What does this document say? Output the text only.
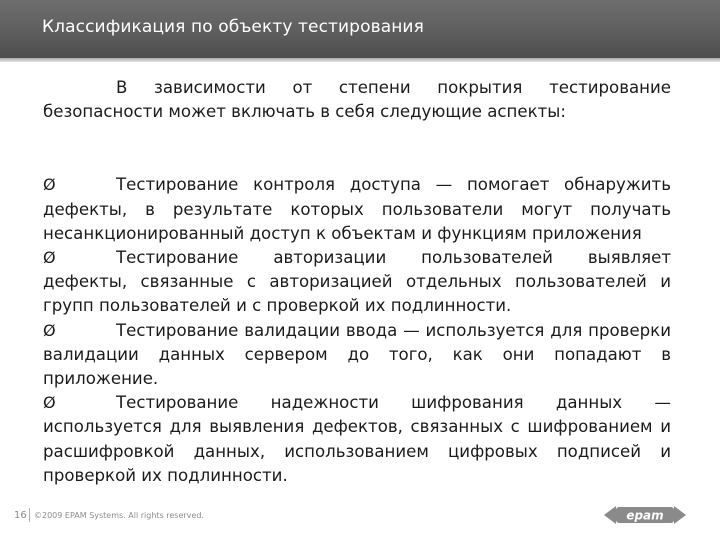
Классификация по объекту тестирования

В зависимости от степени покрытия тестирование безопасности может включать в себя следующие аспекты:

Ø	Тестирование контроля доступа — помогает обнаружить дефекты, в результате которых пользователи могут получать несанкционированный доступ к объектам и функциям приложения

Ø	Тестирование авторизации пользователей выявляет дефекты, связанные с авторизацией отдельных пользователей и групп пользователей и с проверкой их подлинности.

Ø	Тестирование валидации ввода — используется для проверки валидации данных сервером до того, как они попадают в приложение.

Ø	Тестирование надежности шифрования данных — используется для выявления дефектов, связанных с шифрованием и расшифровкой данных, использованием цифровых подписей и проверкой их подлинности.

16 ©2009 EPAM Systems. All rights reserved.	epam
